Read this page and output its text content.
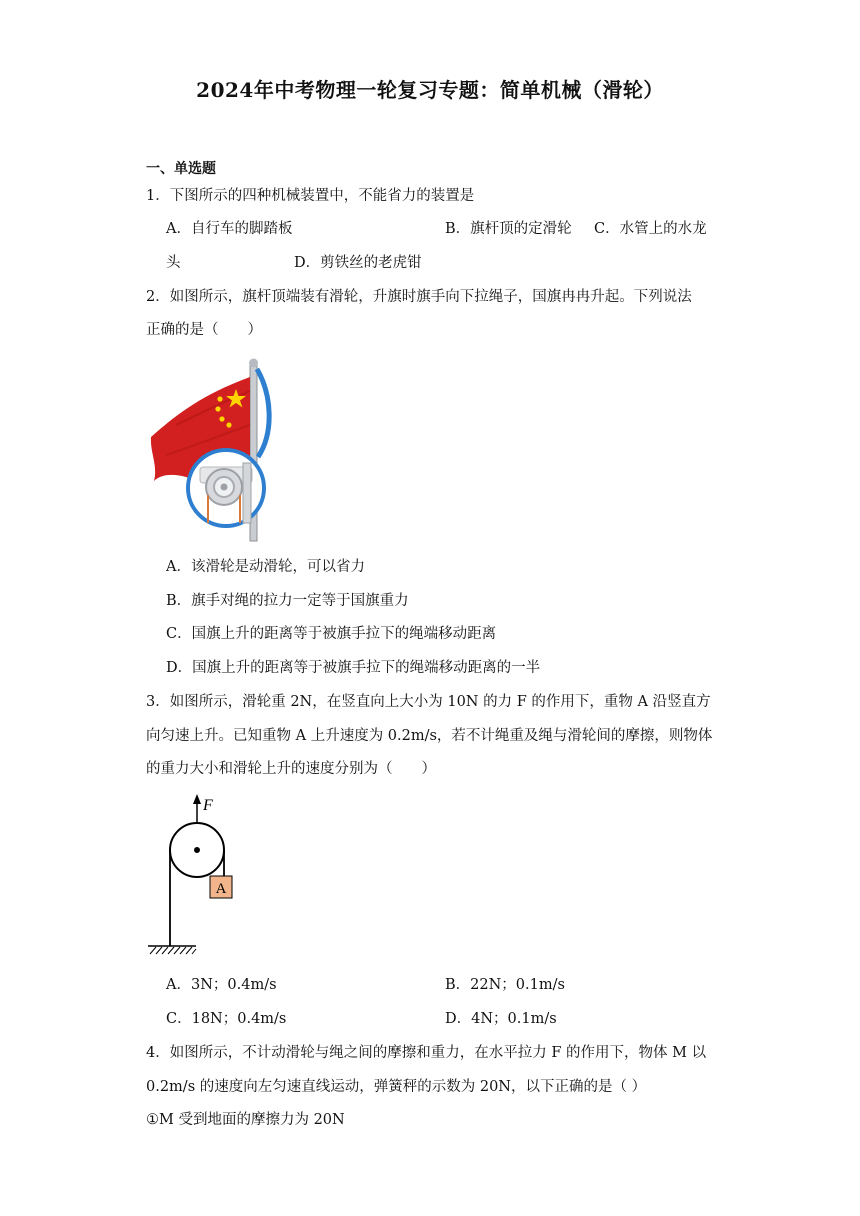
2024年中考物理一轮复习专题：简单机械（滑轮）
一、单选题
1．下图所示的四种机械装置中，不能省力的装置是
A．自行车的脚踏板	B．旗杆顶的定滑轮 C．水管上的水龙
头	D．剪铁丝的老虎钳
2．如图所示，旗杆顶端装有滑轮，升旗时旗手向下拉绳子，国旗冉冉升起。下列说法
正确的是（　　）
A．该滑轮是动滑轮，可以省力
B．旗手对绳的拉力一定等于国旗重力
C．国旗上升的距离等于被旗手拉下的绳端移动距离
D．国旗上升的距离等于被旗手拉下的绳端移动距离的一半
3．如图所示，滑轮重 2N，在竖直向上大小为 10N 的力 F 的作用下，重物 A 沿竖直方
向匀速上升。已知重物 A 上升速度为 0.2m/s，若不计绳重及绳与滑轮间的摩擦，则物体
的重力大小和滑轮上升的速度分别为（　　）
F
A
A．3N；0.4m/s	B．22N；0.1m/s
C．18N；0.4m/s	D．4N；0.1m/s
4．如图所示，不计动滑轮与绳之间的摩擦和重力，在水平拉力 F 的作用下，物体 M 以
0.2m/s 的速度向左匀速直线运动，弹簧秤的示数为 20N，以下正确的是（ ）
①M 受到地面的摩擦力为 20N
